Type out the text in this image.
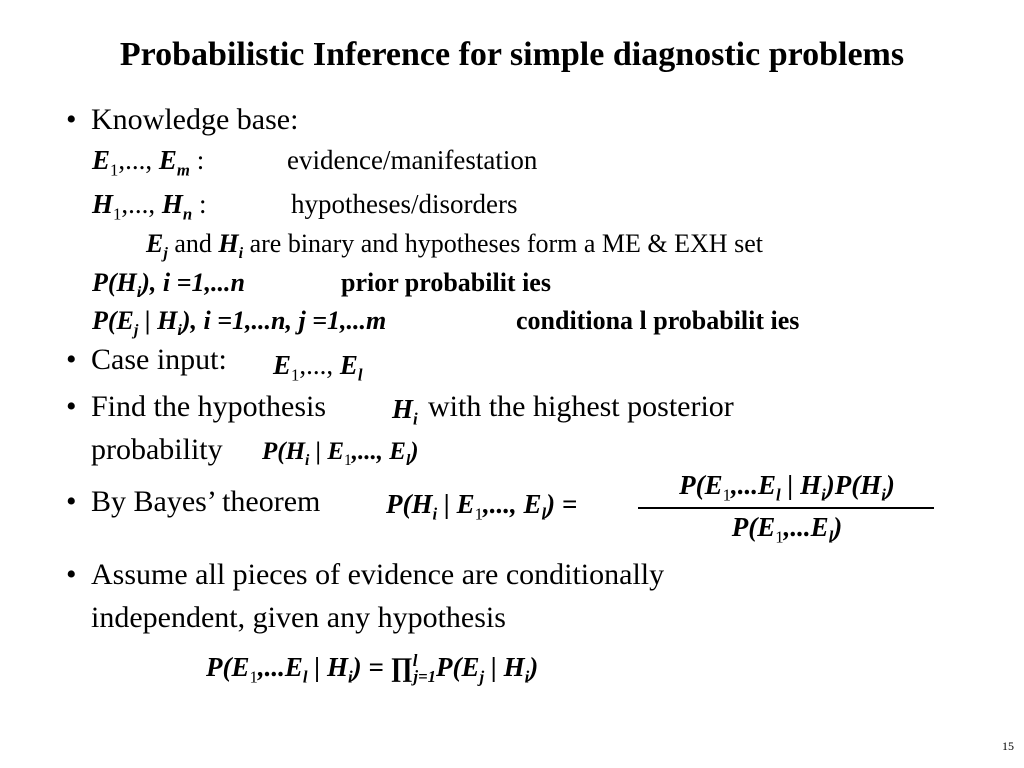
Probabilistic Inference for simple diagnostic problems
• Knowledge base:
$E_1$,..., $E_m$ :	evidence/manifestation
$H_1$,..., $H_n$ :	hypotheses/disorders
$E_j$ and $H_i$ are binary and hypotheses form a ME & EXH set
$P(H_i)$, i =1,...n	prior probabilit ies
$P(E_j$ | $H_i$), i =1,...n, j =1,...m	conditiona l probabilit ies
• Case input: $E_1$,..., $E_l$
• Find the hypothesis $H_i$ with the highest posterior
probability $P(H_i$ | $E_1$,..., $E_l$)
• By Bayes’ theorem $P(H_i$ | $E_1$,..., $E_l$) =
$P(E_1,...E_l$ | $H_i)P(H_i)$
$P(E_1,...E_l)$
• Assume all pieces of evidence are conditionally
independent, given any hypothesis
$P(E_1,...E_l$ | $H_i$) = $\prod^l_{j=1}P(E_j$ | $H_i$)
15
